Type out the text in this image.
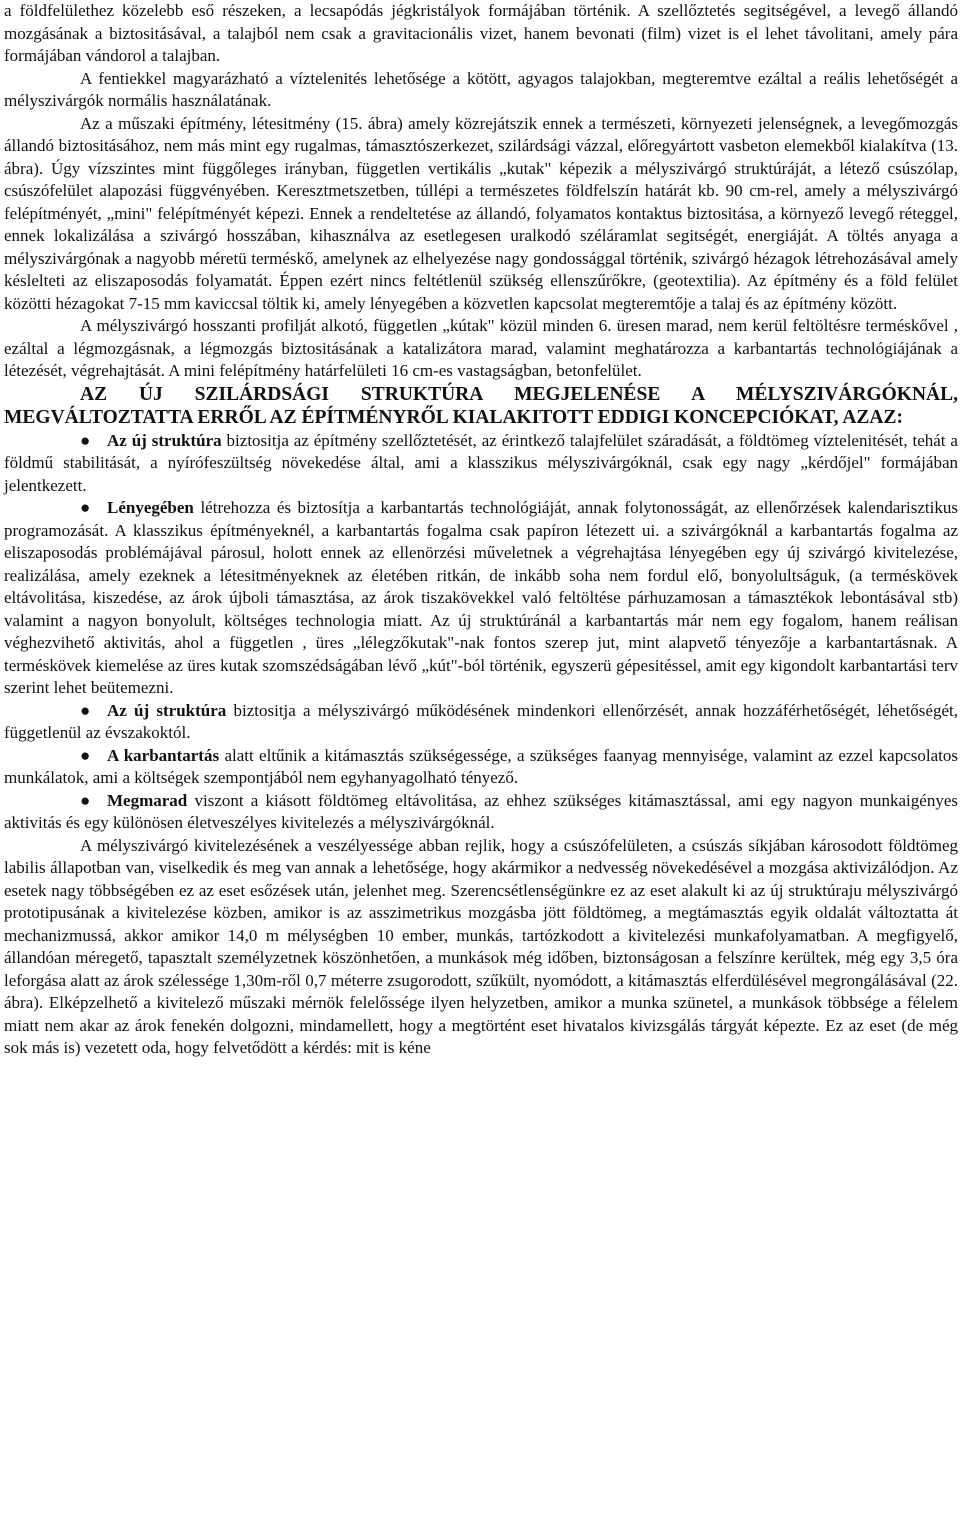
a földfelülethez közelebb eső részeken, a lecsapódás jégkristályok formájában történik. A szellőztetés segitségével, a levegő állandó mozgásának a biztositásával, a talajból nem csak a gravitacionális vizet, hanem bevonati (film) vizet is el lehet távolitani, amely pára formájában vándorol a talajban.

A fentiekkel magyarázható a víztelenités lehetősége a kötött, agyagos talajokban, megteremtve ezáltal a reális lehetőségét a mélyszivárgók normális használatának.

Az a műszaki építmény, létesitmény (15. ábra) amely közrejátszik ennek a természeti, környezeti jelenségnek, a levegőmozgás állandó biztositásához, nem más mint egy rugalmas, támasztószerkezet, szilárdsági vázzal, előregyártott vasbeton elemekből kialakítva (13. ábra). Úgy vízszintes mint függőleges irányban, független vertikális „kutak" képezik a mélyszivárgó struktúráját, a létező csúszólap, csúszófelület alapozási függvényében. Keresztmetszetben, túllépi a természetes földfelszín határát kb. 90 cm-rel, amely a mélyszivárgó felépítményét, „mini" felépítményét képezi. Ennek a rendeltetése az állandó, folyamatos kontaktus biztositása, a környező levegő réteggel, ennek lokalizálása a szivárgó hosszában, kihasználva az esetlegesen uralkodó széláramlat segitségét, energiáját. A töltés anyaga a mélyszivárgónak a nagyobb méretü terméskő, amelynek az elhelyezése nagy gondossággal történik, szivárgó hézagok létrehozásával amely késlelteti az eliszaposodás folyamatát. Éppen ezért nincs feltétlenül szükség ellenszűrőkre, (geotextilia). Az építmény és a föld felület közötti hézagokat 7-15 mm kaviccsal töltik ki, amely lényegében a közvetlen kapcsolat megteremtője a talaj és az építmény között.

A mélyszivárgó hosszanti profilját alkotó, független „kútak" közül minden 6. üresen marad, nem kerül feltöltésre terméskővel , ezáltal a légmozgásnak, a légmozgás biztositásának a katalizátora marad, valamint meghatározza a karbantartás technológiájának a létezését, végrehajtását. A mini felépítmény határfelületi 16 cm-es vastagságban, betonfelület.

AZ ÚJ SZILÁRDSÁGI STRUKTÚRA MEGJELENÉSE A MÉLYSZIVÁRGÓKNÁL, MEGVÁLTOZTATTA ERRŐL AZ ÉPÍTMÉNYRŐL KIALAKITOTT EDDIGI KONCEPCIÓKAT, AZAZ:

● Az új struktúra biztositja az építmény szellőztetését, az érintkező talajfelület száradását, a földtömeg víztelenitését, tehát a földmű stabilitását, a nyírófeszültség növekedése által, ami a klasszikus mélyszivárgóknál, csak egy nagy „kérdőjel" formájában jelentkezett.

● Lényegében létrehozza és biztosítja a karbantartás technológiáját, annak folytonosságát, az ellenőrzések kalendarisztikus programozását. A klasszikus építményeknél, a karbantartás fogalma csak papíron létezett ui. a szivárgóknál a karbantartás fogalma az eliszaposodás problémájával párosul, holott ennek az ellenörzési műveletnek a végrehajtása lényegében egy új szivárgó kivitelezése, realizálása, amely ezeknek a létesitményeknek az életében ritkán, de inkább soha nem fordul elő, bonyolultságuk, (a terméskövek eltávolitása, kiszedése, az árok újboli támasztása, az árok tiszakövekkel való feltöltése párhuzamosan a támasztékok lebontásával stb) valamint a nagyon bonyolult, költséges technologia miatt. Az új struktúránál a karbantartás már nem egy fogalom, hanem reálisan véghezvihető aktivitás, ahol a független , üres „lélegzőkutak"-nak fontos szerep jut, mint alapvető tényezője a karbantartásnak. A terméskövek kiemelése az üres kutak szomszédságában lévő „kút"-ból történik, egyszerü gépesitéssel, amit egy kigondolt karbantartási terv szerint lehet beütemezni.

● Az új struktúra biztositja a mélyszivárgó működésének mindenkori ellenőrzését, annak hozzáférhetőségét, léhetőségét, függetlenül az évszakoktól.

● A karbantartás alatt eltűnik a kitámasztás szükségessége, a szükséges faanyag mennyisége, valamint az ezzel kapcsolatos munkálatok, ami a költségek szempontjából nem egyhanyagolható tényező.

● Megmarad viszont a kiásott földtömeg eltávolitása, az ehhez szükséges kitámasztással, ami egy nagyon munkaigényes aktivitás és egy különösen életveszélyes kivitelezés a mélyszivárgóknál.

A mélyszivárgó kivitelezésének a veszélyessége abban rejlik, hogy a csúszófelületen, a csúszás síkjában károsodott földtömeg labilis állapotban van, viselkedik és meg van annak a lehetősége, hogy akármikor a nedvesség növekedésével a mozgása aktivizálódjon. Az esetek nagy többségében ez az eset esőzések után, jelenhet meg. Szerencsétlenségünkre ez az eset alakult ki az új struktúraju mélyszivárgó prototipusának a kivitelezése közben, amikor is az asszimetrikus mozgásba jött földtömeg, a megtámasztás egyik oldalát változtatta át mechanizmussá, akkor amikor 14,0 m mélységben 10 ember, munkás, tartózkodott a kivitelezési munkafolyamatban. A megfigyelő, állandóan méregető, tapasztalt személyzetnek köszönhetően, a munkások még időben, biztonságosan a felszínre kerültek, még egy 3,5 óra leforgása alatt az árok szélessége 1,30m-ről 0,7 méterre zsugorodott, szűkült, nyomódott, a kitámasztás elferdülésével megrongálásával (22. ábra). Elképzelhető a kivitelező műszaki mérnök felelőssége ilyen helyzetben, amikor a munka szünetel, a munkások többsége a félelem miatt nem akar az árok fenekén dolgozni, mindamellett, hogy a megtörtént eset hivatalos kivizsgálás tárgyát képezte. Ez az eset (de még sok más is) vezetett oda, hogy felvetődött a kérdés: mit is kéne
